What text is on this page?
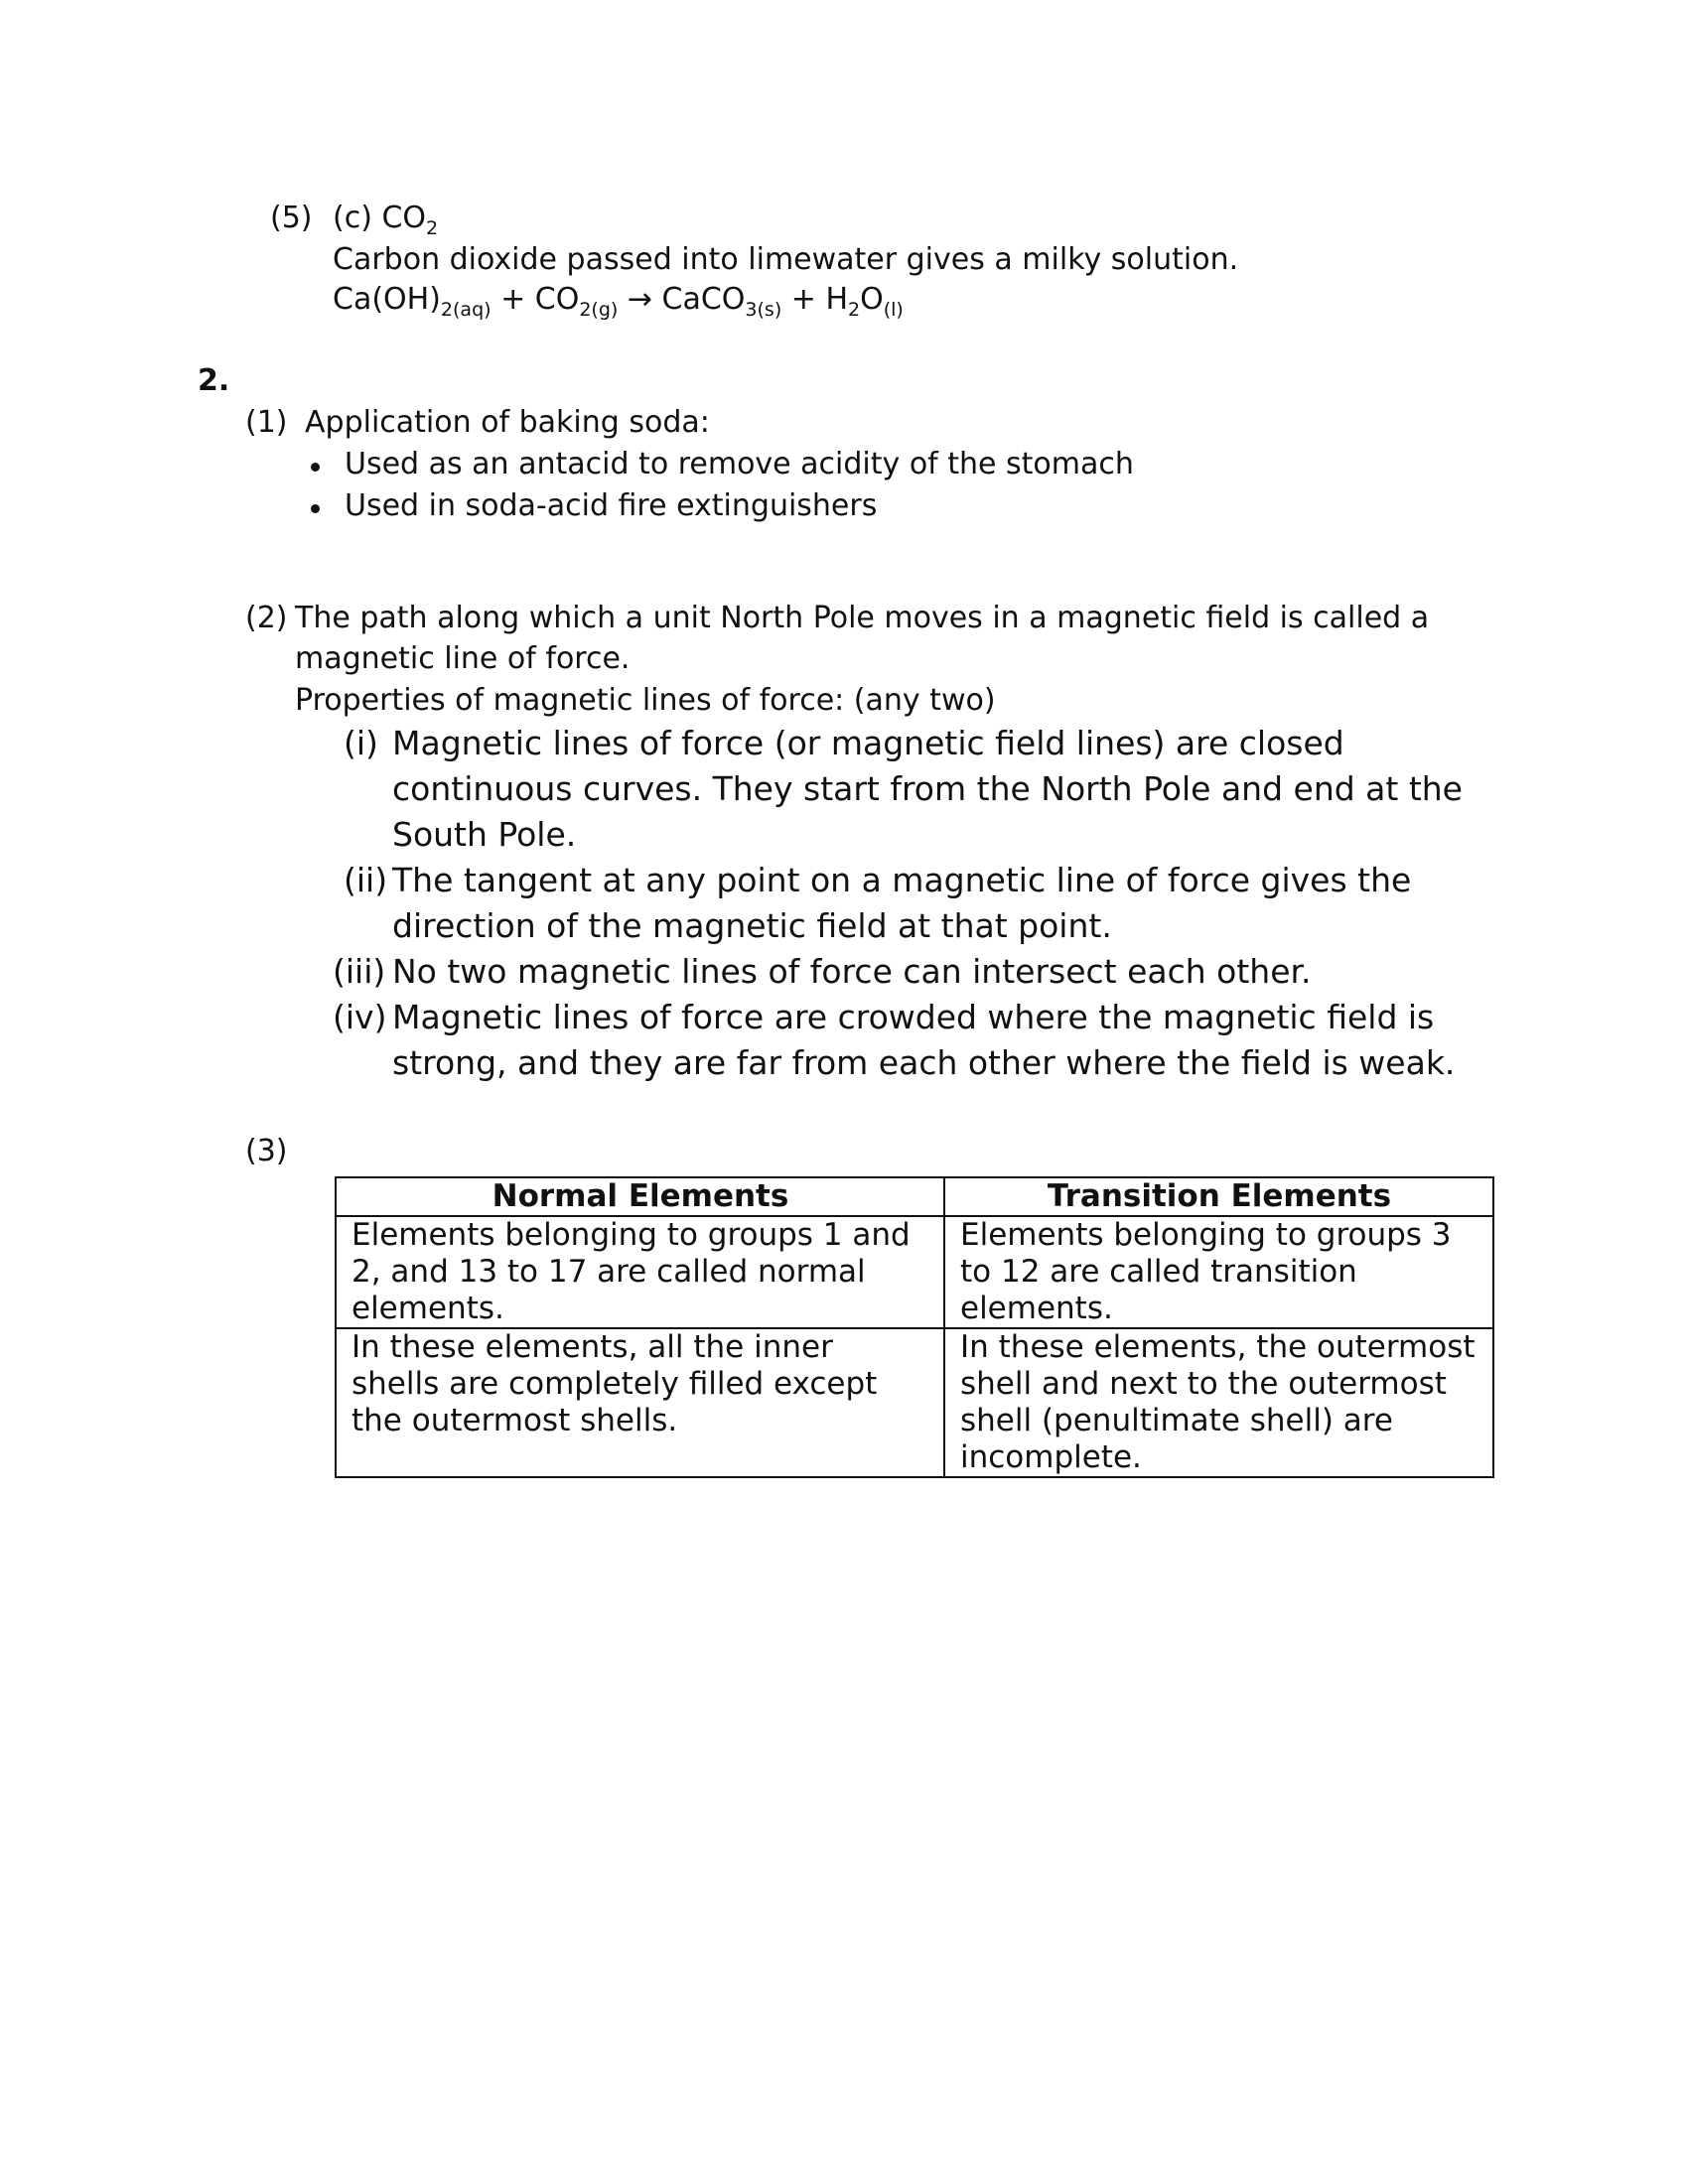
(5) (c) $CO_2$
Carbon dioxide passed into limewater gives a milky solution.
$Ca(OH)_{2(aq)} + CO_{2(g)}$ → CaCO$_{3(s)}$ + $H_2O_{(l)}$
2.
(1) Application of baking soda:
Used as an antacid to remove acidity of the stomach
Used in soda-acid fire extinguishers
(2) The path along which a unit North Pole moves in a magnetic field is called a
magnetic line of force.
Properties of magnetic lines of force: (any two)
(i) Magnetic lines of force (or magnetic field lines) are closed
continuous curves. They start from the North Pole and end at the
South Pole.
(ii) The tangent at any point on a magnetic line of force gives the
direction of the magnetic field at that point.
(iii) No two magnetic lines of force can intersect each other.
(iv) Magnetic lines of force are crowded where the magnetic field is
strong, and they are far from each other where the field is weak.
(3)
Normal Elements	Transition Elements
Elements belonging to groups 1 and 2, and 13 to 17 are called normal elements.	Elements belonging to groups 3 to 12 are called transition elements.
In these elements, all the inner shells are completely filled except the outermost shells.	In these elements, the outermost shell and next to the outermost shell (penultimate shell) are incomplete.
